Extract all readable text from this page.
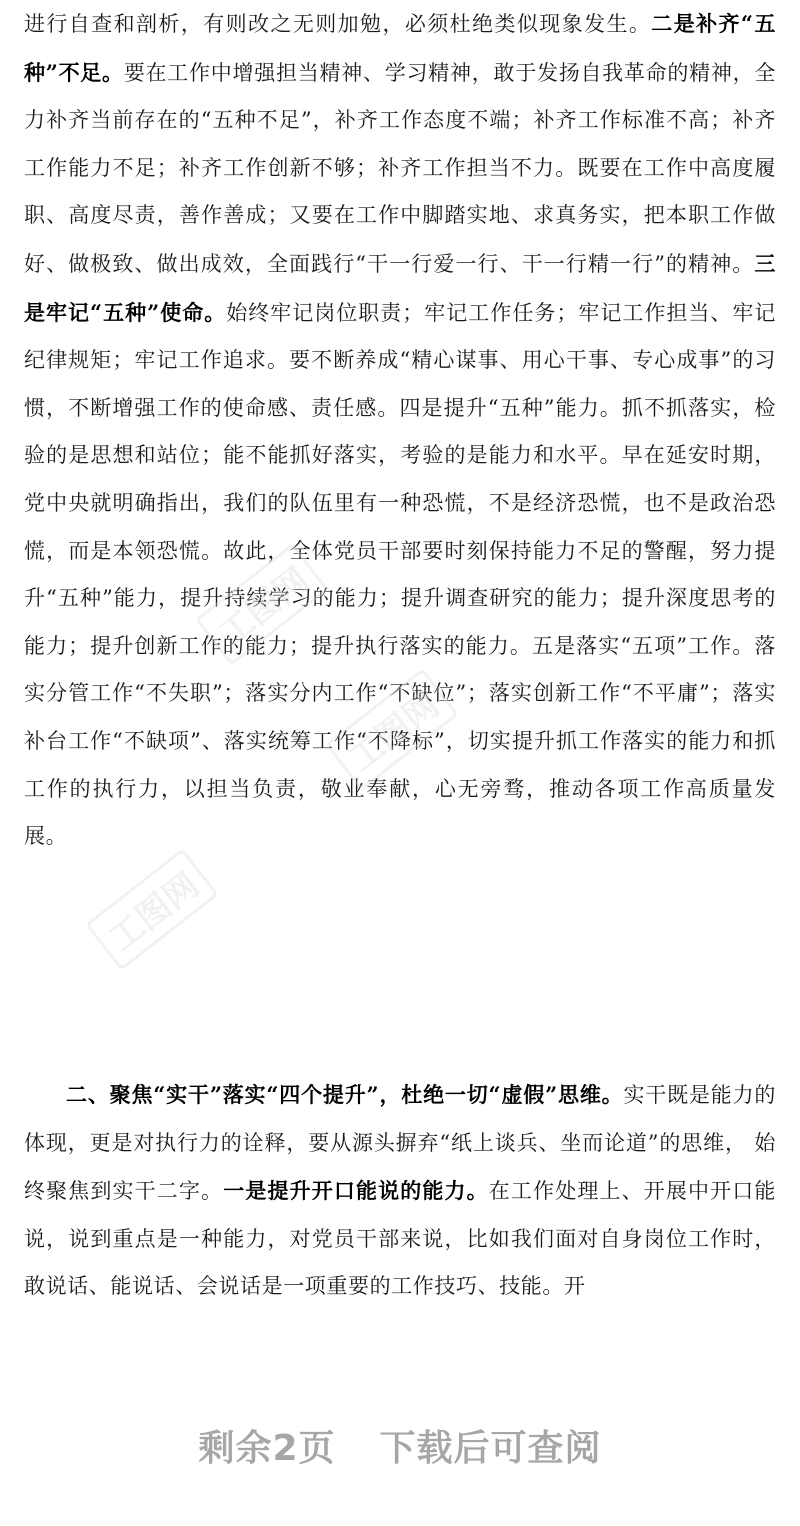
进行自查和剖析，有则改之无则加勉，必须杜绝类似现象发生。二是补齐“五种”不足。要在工作中增强担当精神、学习精神，敢于发扬自我革命的精神，全力补齐当前存在的“五种不足”，补齐工作态度不端；补齐工作标准不高；补齐工作能力不足；补齐工作创新不够；补齐工作担当不力。既要在工作中高度履职、高度尽责，善作善成；又要在工作中脚踏实地、求真务实，把本职工作做好、做极致、做出成效，全面践行“干一行爱一行、干一行精一行”的精神。三是牢记“五种”使命。始终牢记岗位职责；牢记工作任务；牢记工作担当、牢记纪律规矩；牢记工作追求。要不断养成“精心谋事、用心干事、专心成事”的习惯，不断增强工作的使命感、责任感。四是提升“五种”能力。抓不抓落实，检验的是思想和站位；能不能抓好落实，考验的是能力和水平。早在延安时期，党中央就明确指出，我们的队伍里有一种恐慌，不是经济恐慌，也不是政治恐慌，而是本领恐慌。故此，全体党员干部要时刻保持能力不足的警醒，努力提升“五种”能力，提升持续学习的能力；提升调查研究的能力；提升深度思考的能力；提升创新工作的能力；提升执行落实的能力。五是落实“五项”工作。落实分管工作“不失职”；落实分内工作“不缺位”；落实创新工作“不平庸”；落实补台工作“不缺项”、落实统筹工作“不降标”，切实提升抓工作落实的能力和抓工作的执行力，以担当负责，敬业奉献，心无旁骛，推动各项工作高质量发展。

二、聚焦“实干”落实“四个提升”，杜绝一切“虚假”思维。实干既是能力的体现，更是对执行力的诠释，要从源头摒弃“纸上谈兵、坐而论道”的思维， 始终聚焦到实干二字。一是提升开口能说的能力。在工作处理上、开展中开口能说，说到重点是一种能力，对党员干部来说，比如我们面对自身岗位工作时，敢说话、能说话、会说话是一项重要的工作技巧、技能。开

工图网
工图网
工图网
剩余2页 下载后可查阅
